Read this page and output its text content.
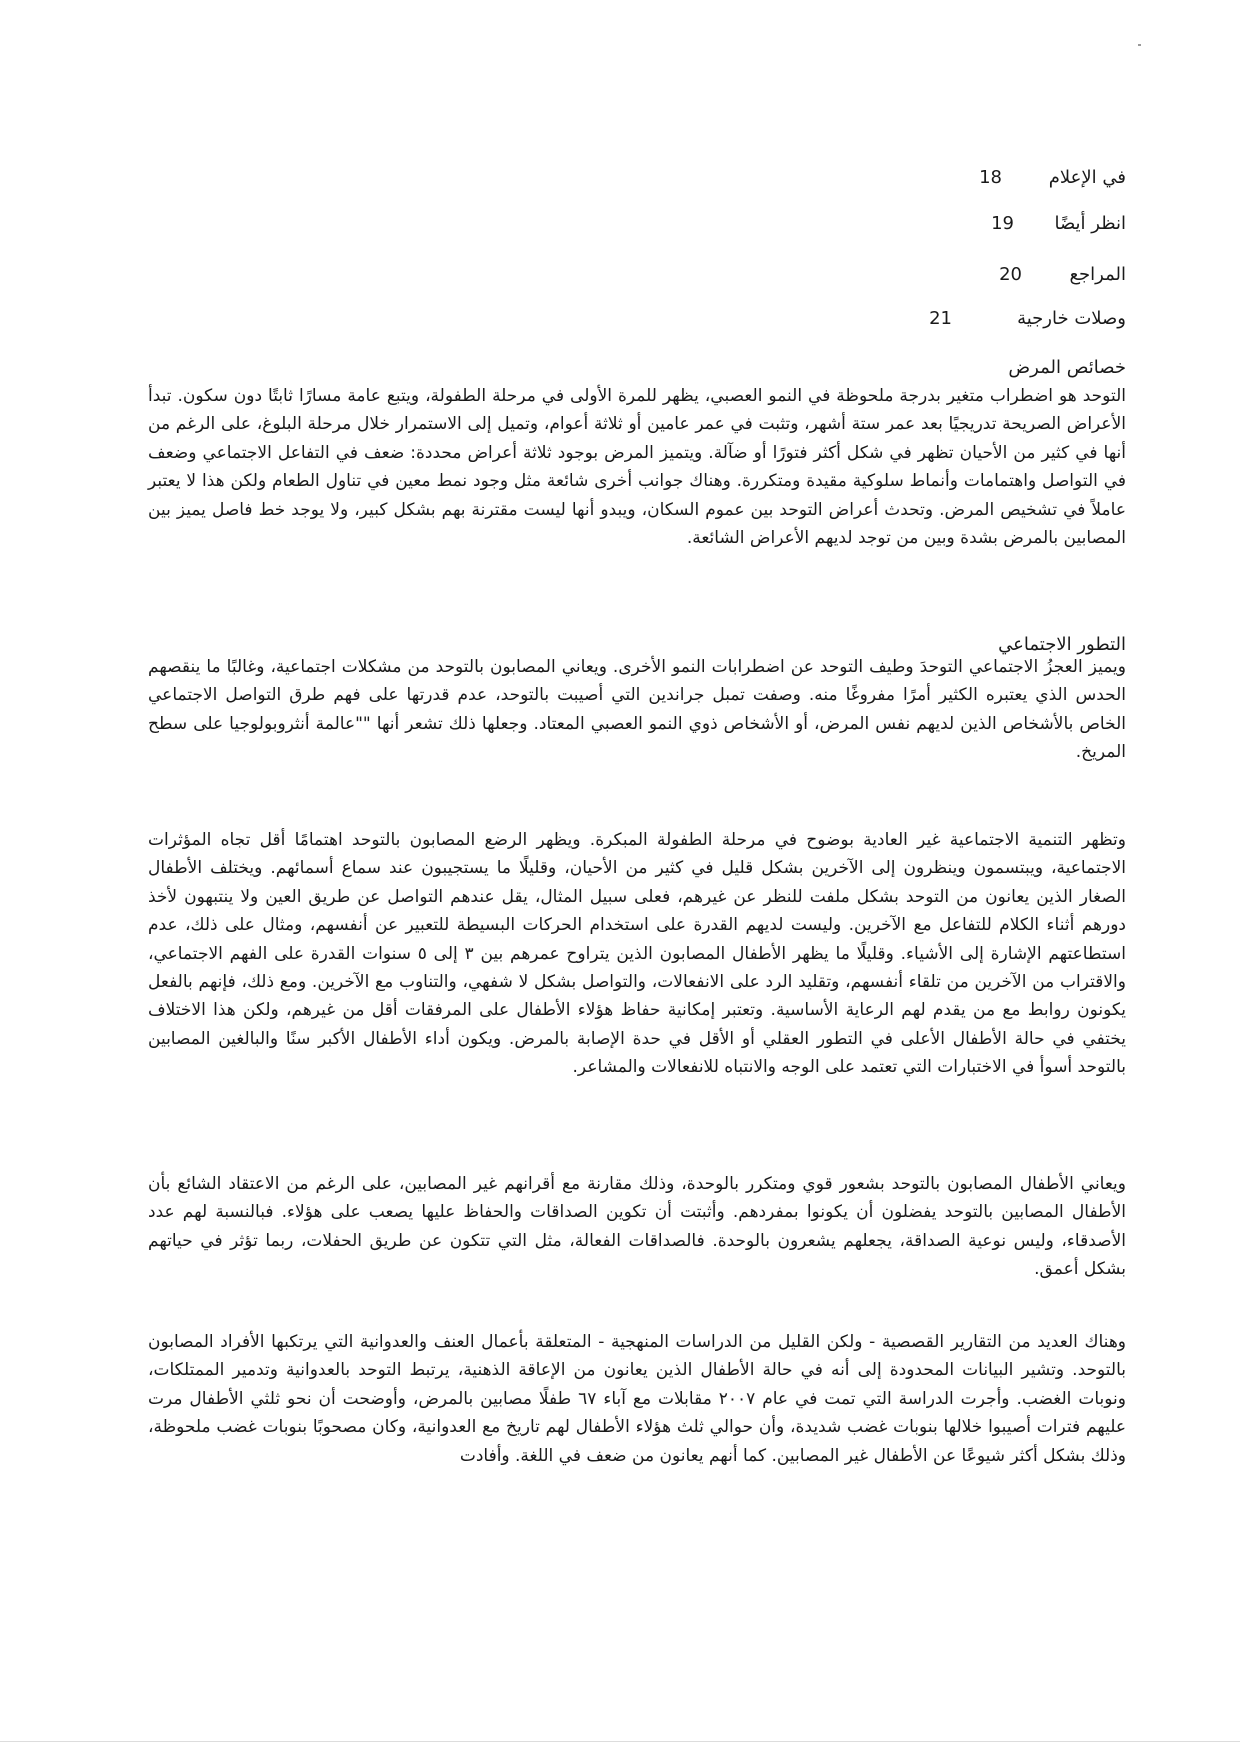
في الإعلام
18
انظر أيضًا
19
المراجع
20
وصلات خارجية
21
خصائص المرض

التوحد هو اضطراب متغير بدرجة ملحوظة في النمو العصبي، يظهر للمرة الأولى في مرحلة الطفولة، ويتبع عامة مسارًا ثابتًا دون سكون. تبدأ الأعراض الصريحة تدريجيًا بعد عمر ستة أشهر، وتثبت في عمر عامين أو ثلاثة أعوام، وتميل إلى الاستمرار خلال مرحلة البلوغ، على الرغم من أنها في كثير من الأحيان تظهر في شكل أكثر فتورًا أو ضآلة. ويتميز المرض بوجود ثلاثة أعراض محددة: ضعف في التفاعل الاجتماعي وضعف في التواصل واهتمامات وأنماط سلوكية مقيدة ومتكررة. وهناك جوانب أخرى شائعة مثل وجود نمط معين في تناول الطعام ولكن هذا لا يعتبر عاملاً في تشخيص المرض. وتحدث أعراض التوحد بين عموم السكان، ويبدو أنها ليست مقترنة بهم بشكل كبير، ولا يوجد خط فاصل يميز بين المصابين بالمرض بشدة وبين من توجد لديهم الأعراض الشائعة.

التطور الاجتماعي

ويميز العجزُ الاجتماعي التوحدَ وطيف التوحد عن اضطرابات النمو الأخرى. ويعاني المصابون بالتوحد من مشكلات اجتماعية، وغالبًا ما ينقصهم الحدس الذي يعتبره الكثير أمرًا مفروغًا منه. وصفت تمبل جراندين التي أصيبت بالتوحد، عدم قدرتها على فهم طرق التواصل الاجتماعي الخاص بالأشخاص الذين لديهم نفس المرض، أو الأشخاص ذوي النمو العصبي المعتاد. وجعلها ذلك تشعر أنها ""عالمة أنثروبولوجيا على سطح المريخ.

وتظهر التنمية الاجتماعية غير العادية بوضوح في مرحلة الطفولة المبكرة. ويظهر الرضع المصابون بالتوحد اهتمامًا أقل تجاه المؤثرات الاجتماعية، ويبتسمون وينظرون إلى الآخرين بشكل قليل في كثير من الأحيان، وقليلًا ما يستجيبون عند سماع أسمائهم. ويختلف الأطفال الصغار الذين يعانون من التوحد بشكل ملفت للنظر عن غيرهم، فعلى سبيل المثال، يقل عندهم التواصل عن طريق العين ولا ينتبهون لأخذ دورهم أثناء الكلام للتفاعل مع الآخرين. وليست لديهم القدرة على استخدام الحركات البسيطة للتعبير عن أنفسهم، ومثال على ذلك، عدم استطاعتهم الإشارة إلى الأشياء. وقليلًا ما يظهر الأطفال المصابون الذين يتراوح عمرهم بين ٣ إلى ٥ سنوات القدرة على الفهم الاجتماعي، والاقتراب من الآخرين من تلقاء أنفسهم، وتقليد الرد على الانفعالات، والتواصل بشكل لا شفهي، والتناوب مع الآخرين. ومع ذلك، فإنهم بالفعل يكونون روابط مع من يقدم لهم الرعاية الأساسية. وتعتبر إمكانية حفاظ هؤلاء الأطفال على المرفقات أقل من غيرهم، ولكن هذا الاختلاف يختفي في حالة الأطفال الأعلى في التطور العقلي أو الأقل في حدة الإصابة بالمرض. ويكون أداء الأطفال الأكبر سنًا والبالغين المصابين بالتوحد أسوأ في الاختبارات التي تعتمد على الوجه والانتباه للانفعالات والمشاعر.

ويعاني الأطفال المصابون بالتوحد بشعور قوي ومتكرر بالوحدة، وذلك مقارنة مع أقرانهم غير المصابين، على الرغم من الاعتقاد الشائع بأن الأطفال المصابين بالتوحد يفضلون أن يكونوا بمفردهم. وأثبتت أن تكوين الصداقات والحفاظ عليها يصعب على هؤلاء. فبالنسبة لهم عدد الأصدقاء، وليس نوعية الصداقة، يجعلهم يشعرون بالوحدة. فالصداقات الفعالة، مثل التي تتكون عن طريق الحفلات، ربما تؤثر في حياتهم بشكل أعمق.

وهناك العديد من التقارير القصصية - ولكن القليل من الدراسات المنهجية - المتعلقة بأعمال العنف والعدوانية التي يرتكبها الأفراد المصابون بالتوحد. وتشير البيانات المحدودة إلى أنه في حالة الأطفال الذين يعانون من الإعاقة الذهنية، يرتبط التوحد بالعدوانية وتدمير الممتلكات، ونوبات الغضب. وأجرت الدراسة التي تمت في عام ٢٠٠٧ مقابلات مع آباء ٦٧ طفلًا مصابين بالمرض، وأوضحت أن نحو ثلثي الأطفال مرت عليهم فترات أصيبوا خلالها بنوبات غضب شديدة، وأن حوالي ثلث هؤلاء الأطفال لهم تاريخ مع العدوانية، وكان مصحوبًا بنوبات غضب ملحوظة، وذلك بشكل أكثر شيوعًا عن الأطفال غير المصابين. كما أنهم يعانون من ضعف في اللغة. وأفادت
